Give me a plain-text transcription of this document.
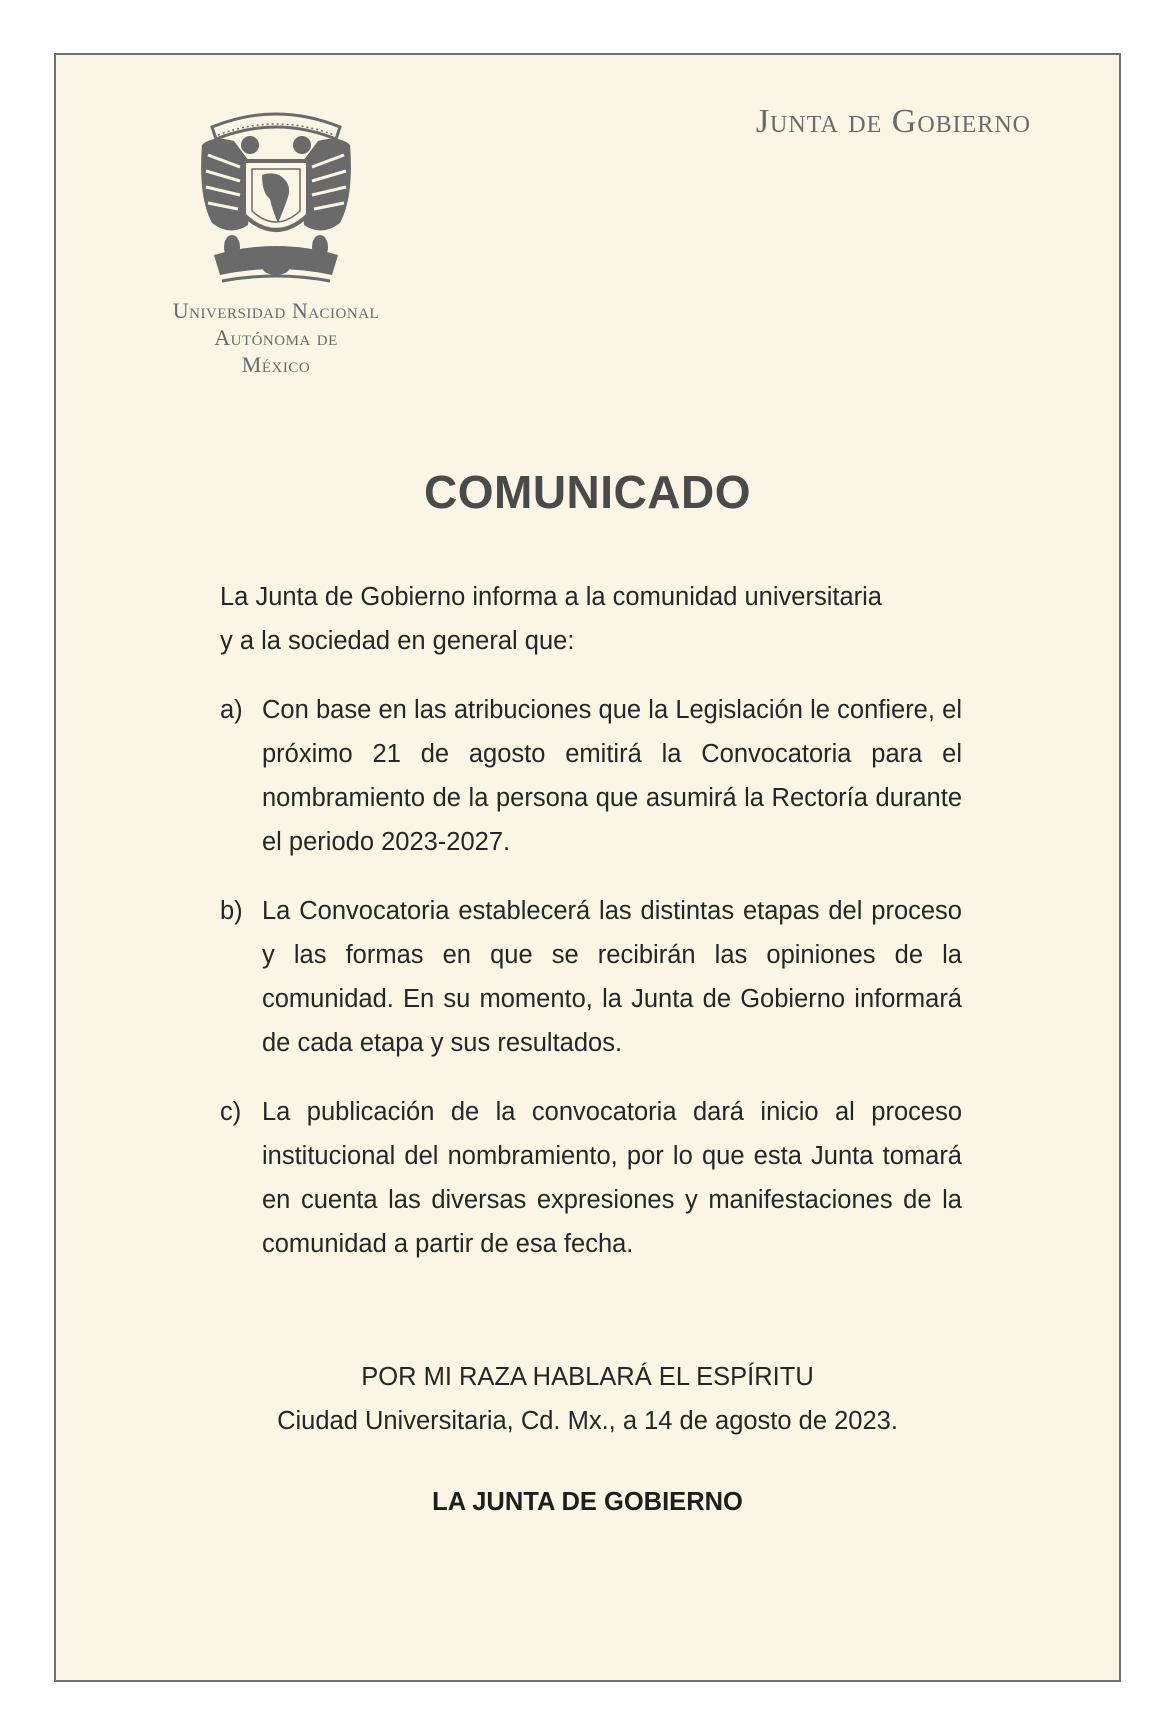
Universidad Nacional
Autónoma de
México
Junta de Gobierno
COMUNICADO

La Junta de Gobierno informa a la comunidad universitaria
y a la sociedad en general que:

a) Con base en las atribuciones que la Legislación le confiere, el próximo 21 de agosto emitirá la Convocatoria para el nombramiento de la persona que asumirá la Rectoría durante el periodo 2023-2027.
b) La Convocatoria establecerá las distintas etapas del proceso y las formas en que se recibirán las opiniones de la comunidad. En su momento, la Junta de Gobierno informará de cada etapa y sus resultados.
c) La publicación de la convocatoria dará inicio al proceso institucional del nombramiento, por lo que esta Junta tomará en cuenta las diversas expresiones y manifestaciones de la comunidad a partir de esa fecha.
POR MI RAZA HABLARÁ EL ESPÍRITU
Ciudad Universitaria, Cd. Mx., a 14 de agosto de 2023.
LA JUNTA DE GOBIERNO
